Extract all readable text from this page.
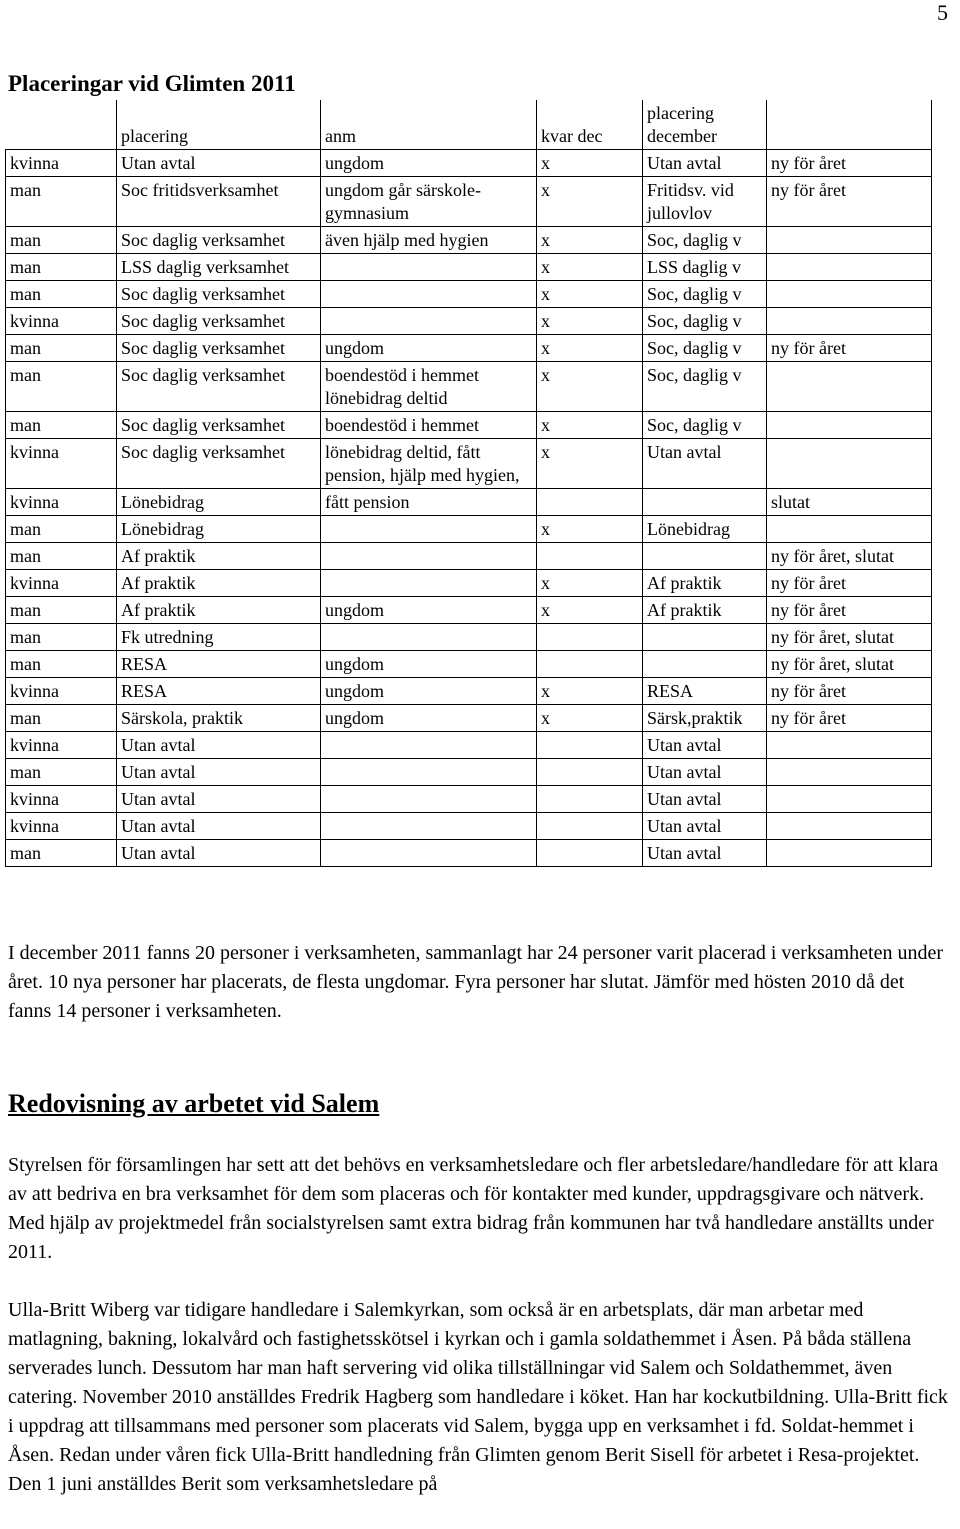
5
Placeringar vid Glimten 2011
	placering	anm	kvar dec	placering december	
kvinna	Utan avtal	ungdom	x	Utan avtal	ny för året
man	Soc fritidsverksamhet	ungdom går särskole-gymnasium	x	Fritidsv. vid jullovlov	ny för året
man	Soc daglig verksamhet	även hjälp med hygien	x	Soc, daglig v	
man	LSS daglig verksamhet		x	LSS daglig v	
man	Soc daglig verksamhet		x	Soc, daglig v	
kvinna	Soc daglig verksamhet		x	Soc, daglig v	
man	Soc daglig verksamhet	ungdom	x	Soc, daglig v	ny för året
man	Soc daglig verksamhet	boendestöd i hemmet lönebidrag deltid	x	Soc, daglig v	
man	Soc daglig verksamhet	boendestöd i hemmet	x	Soc, daglig v	
kvinna	Soc daglig verksamhet	lönebidrag deltid, fått pension, hjälp med hygien,	x	Utan avtal	
kvinna	Lönebidrag	fått pension			slutat
man	Lönebidrag		x	Lönebidrag	
man	Af praktik				ny för året, slutat
kvinna	Af praktik		x	Af praktik	ny för året
man	Af praktik	ungdom	x	Af praktik	ny för året
man	Fk utredning				ny för året, slutat
man	RESA	ungdom			ny för året, slutat
kvinna	RESA	ungdom	x	RESA	ny för året
man	Särskola, praktik	ungdom	x	Särsk,praktik	ny för året
kvinna	Utan avtal			Utan avtal	
man	Utan avtal			Utan avtal	
kvinna	Utan avtal			Utan avtal	
kvinna	Utan avtal			Utan avtal	
man	Utan avtal			Utan avtal	

I december 2011 fanns 20 personer i verksamheten, sammanlagt har 24 personer varit placerad i verksamheten under året. 10 nya personer har placerats, de flesta ungdomar. Fyra personer har slutat. Jämför med hösten 2010 då det fanns 14 personer i verksamheten.

Redovisning av arbetet vid Salem

Styrelsen för församlingen har sett att det behövs en verksamhetsledare och fler arbetsledare/handledare för att klara av att bedriva en bra verksamhet för dem som placeras och för kontakter med kunder, uppdragsgivare och nätverk. Med hjälp av projektmedel från socialstyrelsen samt extra bidrag från kommunen har två handledare anställts under 2011.

Ulla-Britt Wiberg var tidigare handledare i Salemkyrkan, som också är en arbetsplats, där man arbetar med matlagning, bakning, lokalvård och fastighetsskötsel i kyrkan och i gamla soldathemmet i Åsen. På båda ställena serverades lunch. Dessutom har man haft servering vid olika tillställningar vid Salem och Soldathemmet, även catering. November 2010 anställdes Fredrik Hagberg som handledare i köket. Han har kockutbildning. Ulla-Britt fick i uppdrag att tillsammans med personer som placerats vid Salem, bygga upp en verksamhet i fd. Soldat-hemmet i Åsen. Redan under våren fick Ulla-Britt handledning från Glimten genom Berit Sisell för arbetet i Resa-projektet. Den 1 juni anställdes Berit som verksamhetsledare på
